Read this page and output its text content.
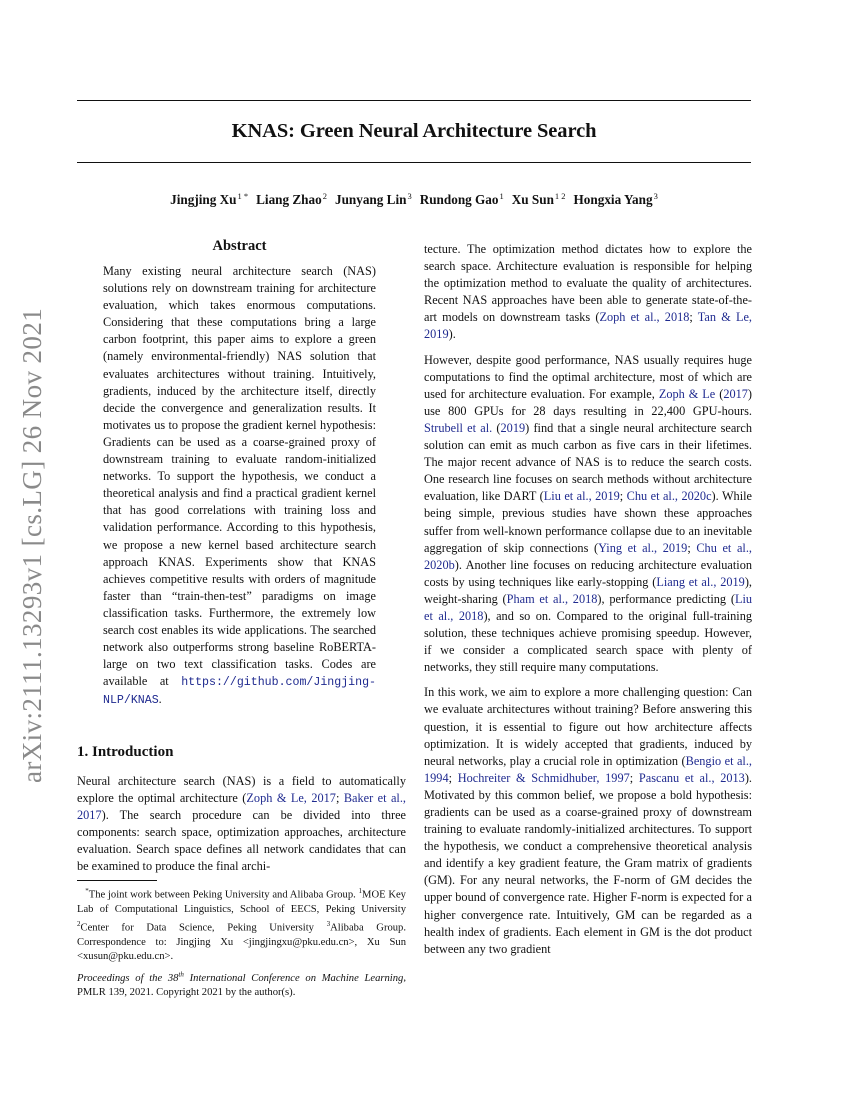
arXiv:2111.13293v1 [cs.LG] 26 Nov 2021
KNAS: Green Neural Architecture Search
Jingjing $Xu^{1 *}$ Liang Zhao$^2$ Junyang Lin$^3$ Rundong Gao$^1$ Xu Sun$^{1 2}$ Hongxia Yang$^3$
Abstract

Many existing neural architecture search (NAS) solutions rely on downstream training for architecture evaluation, which takes enormous computations. Considering that these computations bring a large carbon footprint, this paper aims to explore a green (namely environmental-friendly) NAS solution that evaluates architectures without training. Intuitively, gradients, induced by the architecture itself, directly decide the convergence and generalization results. It motivates us to propose the gradient kernel hypothesis: Gradients can be used as a coarse-grained proxy of downstream training to evaluate random-initialized networks. To support the hypothesis, we conduct a theoretical analysis and find a practical gradient kernel that has good correlations with training loss and validation performance. According to this hypothesis, we propose a new kernel based architecture search approach KNAS. Experiments show that KNAS achieves competitive results with orders of magnitude faster than “train-then-test” paradigms on image classification tasks. Furthermore, the extremely low search cost enables its wide applications. The searched network also outperforms strong baseline RoBERTA-large on two text classification tasks. Codes are available at https://github.com/Jingjing-NLP/KNAS.

1. Introduction

Neural architecture search (NAS) is a field to automatically explore the optimal architecture (Zoph & Le, 2017; Baker et al., 2017). The search procedure can be divided into three components: search space, optimization approaches, architecture evaluation. Search space defines all network candidates that can be examined to produce the final archi-

*The joint work between Peking University and Alibaba Group. $^1$MOE Key Lab of Computational Linguistics, School of EECS, Peking University $^2$Center for Data Science, Peking University $^3$Alibaba Group. Correspondence to: Jingjing Xu <jingjingxu@pku.edu.cn>, Xu Sun <xusun@pku.edu.cn>.
Proceedings of the 38th International Conference on Machine Learning, PMLR 139, 2021. Copyright 2021 by the author(s).

tecture. The optimization method dictates how to explore the search space. Architecture evaluation is responsible for helping the optimization method to evaluate the quality of architectures. Recent NAS approaches have been able to generate state-of-the-art models on downstream tasks (Zoph et al., 2018; Tan & Le, 2019).

However, despite good performance, NAS usually requires huge computations to find the optimal architecture, most of which are used for architecture evaluation. For example, Zoph & Le (2017) use 800 GPUs for 28 days resulting in 22,400 GPU-hours. Strubell et al. (2019) find that a single neural architecture search solution can emit as much carbon as five cars in their lifetimes. The major recent advance of NAS is to reduce the search costs. One research line focuses on search methods without architecture evaluation, like DART (Liu et al., 2019; Chu et al., 2020c). While being simple, previous studies have shown these approaches suffer from well-known performance collapse due to an inevitable aggregation of skip connections (Ying et al., 2019; Chu et al., 2020b). Another line focuses on reducing architecture evaluation costs by using techniques like early-stopping (Liang et al., 2019), weight-sharing (Pham et al., 2018), performance predicting (Liu et al., 2018), and so on. Compared to the original full-training solution, these techniques achieve promising speedup. However, if we consider a complicated search space with plenty of networks, they still require many computations.

In this work, we aim to explore a more challenging question: Can we evaluate architectures without training? Before answering this question, it is essential to figure out how architecture affects optimization. It is widely accepted that gradients, induced by neural networks, play a crucial role in optimization (Bengio et al., 1994; Hochreiter & Schmidhuber, 1997; Pascanu et al., 2013). Motivated by this common belief, we propose a bold hypothesis: gradients can be used as a coarse-grained proxy of downstream training to evaluate randomly-initialized architectures. To support the hypothesis, we conduct a comprehensive theoretical analysis and identify a key gradient feature, the Gram matrix of gradients (GM). For any neural networks, the F-norm of GM decides the upper bound of convergence rate. Higher F-norm is expected for a higher convergence rate. Intuitively, GM can be regarded as a health index of gradients. Each element in GM is the dot product between any two gradient
